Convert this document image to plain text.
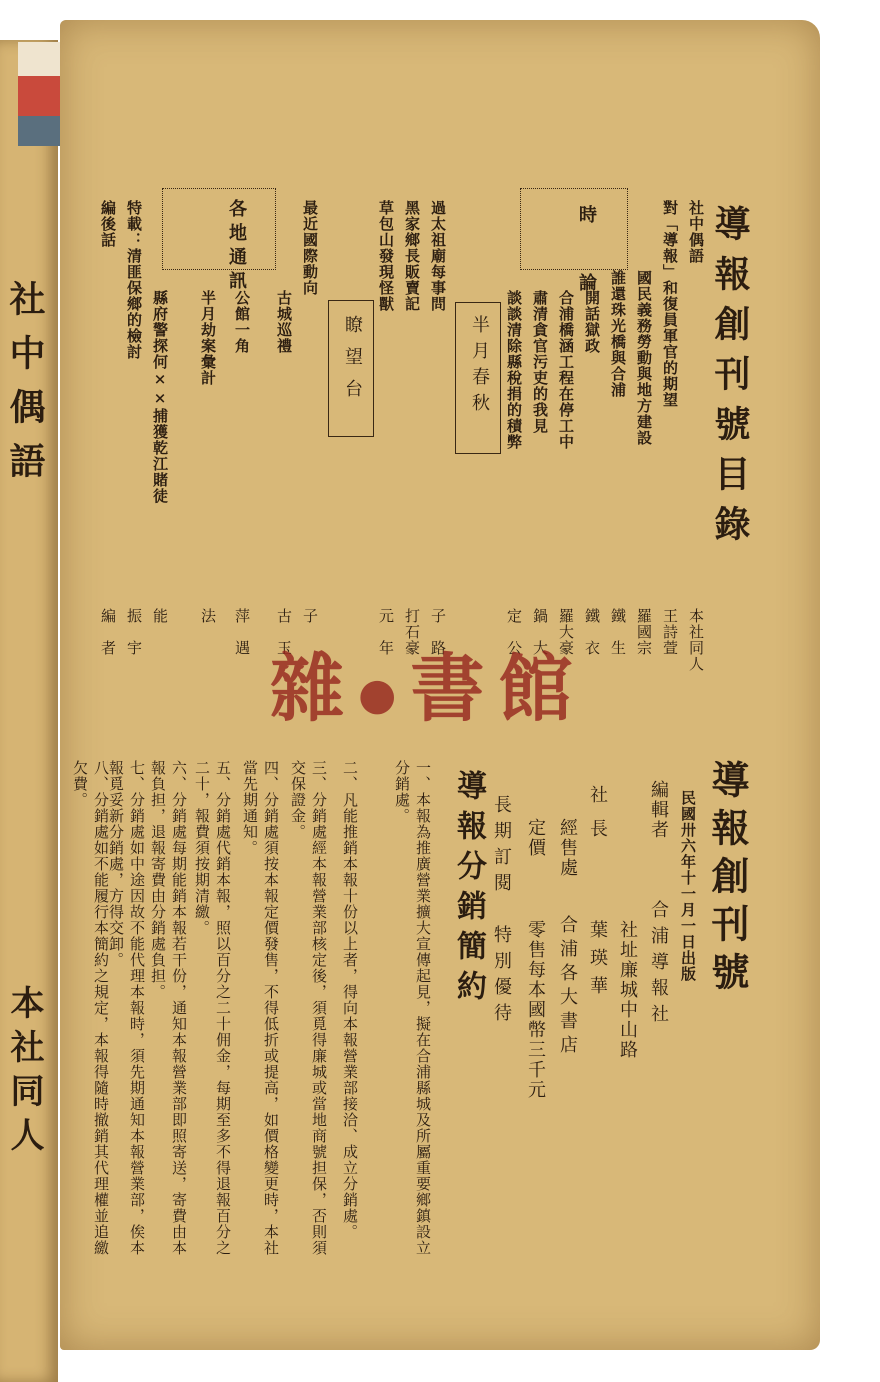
社中偶語
本社同人
導報創刊號目錄
時　論
半月春秋
瞭望台
各地通訊	社中偶語
本社同人
對「導報」和復員軍官的期望
王詩萱
國民義務勞動與地方建設
羅國宗
誰還珠光橋與合浦
鐵　生
開話獄政
鐵　衣
合浦橋涵工程在停工中
羅大豪
肅清貪官污吏的我見
鍋　大
談談清除縣稅捐的積弊
定　公
過太祖廟每事問
子　路
黑家鄉長販賣記
打石豪
草包山發現怪獸
元　年
最近國際動向
子
古城巡禮
古　玉
公館一角
萍　遇
半月劫案彙計
法
縣府警探何××捕獲乾江賭徒
能
特載：清匪保鄉的檢討
振　宇
編後話
編　者
雜●書館
導報創刊號
民國卅六年十一月一日出版
編輯者
合浦導報社
社址廉城中山路
社長
葉瑛華
經售處
合浦各大書店
定價
零售每本國幣三千元
長期訂閱　特別優待
導報分銷簡約
一、本報為推廣營業擴大宣傳起見，擬在合浦縣城及所屬重要鄉鎮設立分銷處。
二、凡能推銷本報十份以上者，得向本報營業部接洽、成立分銷處。
三、分銷處經本報營業部核定後，須覓得廉城或當地商號担保，否則須交保證金。
四、分銷處須按本報定價發售，不得低折或提高，如價格變更時，本社當先期通知。
五、分銷處代銷本報，照以百分之二十佣金，每期至多不得退報百分之二十，報費須按期清繳。
六、分銷處每期能銷本報若干份，通知本報營業部即照寄送，寄費由本報負担，退報寄費由分銷處負担。
七、分銷處如中途因故不能代理本報時，須先期通知本報營業部，俟本報覓妥新分銷處，方得交卸。
八、分銷處如不能履行本簡約之規定，本報得隨時撤銷其代理權並追繳欠費。
